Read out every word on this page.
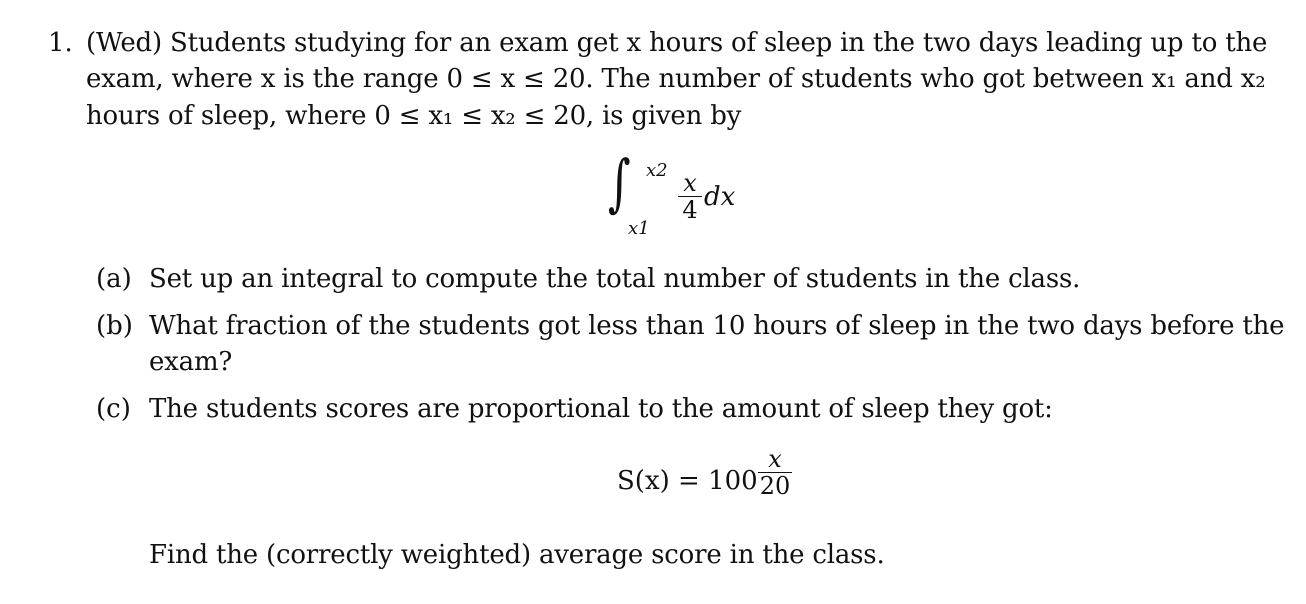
1. (Wed) Students studying for an exam get x hours of sleep in the two days leading up to the
exam, where x is the range 0 ≤ x ≤ 20. The number of students who got between x₁ and x₂
hours of sleep, where 0 ≤ x₁ ≤ x₂ ≤ 20, is given by
∫ x2
x1
x
4 dx
(a) Set up an integral to compute the total number of students in the class.
(b) What fraction of the students got less than 10 hours of sleep in the two days before the
exam?
(c) The students scores are proportional to the amount of sleep they got:
S(x) = 100
x
20
Find the (correctly weighted) average score in the class.
